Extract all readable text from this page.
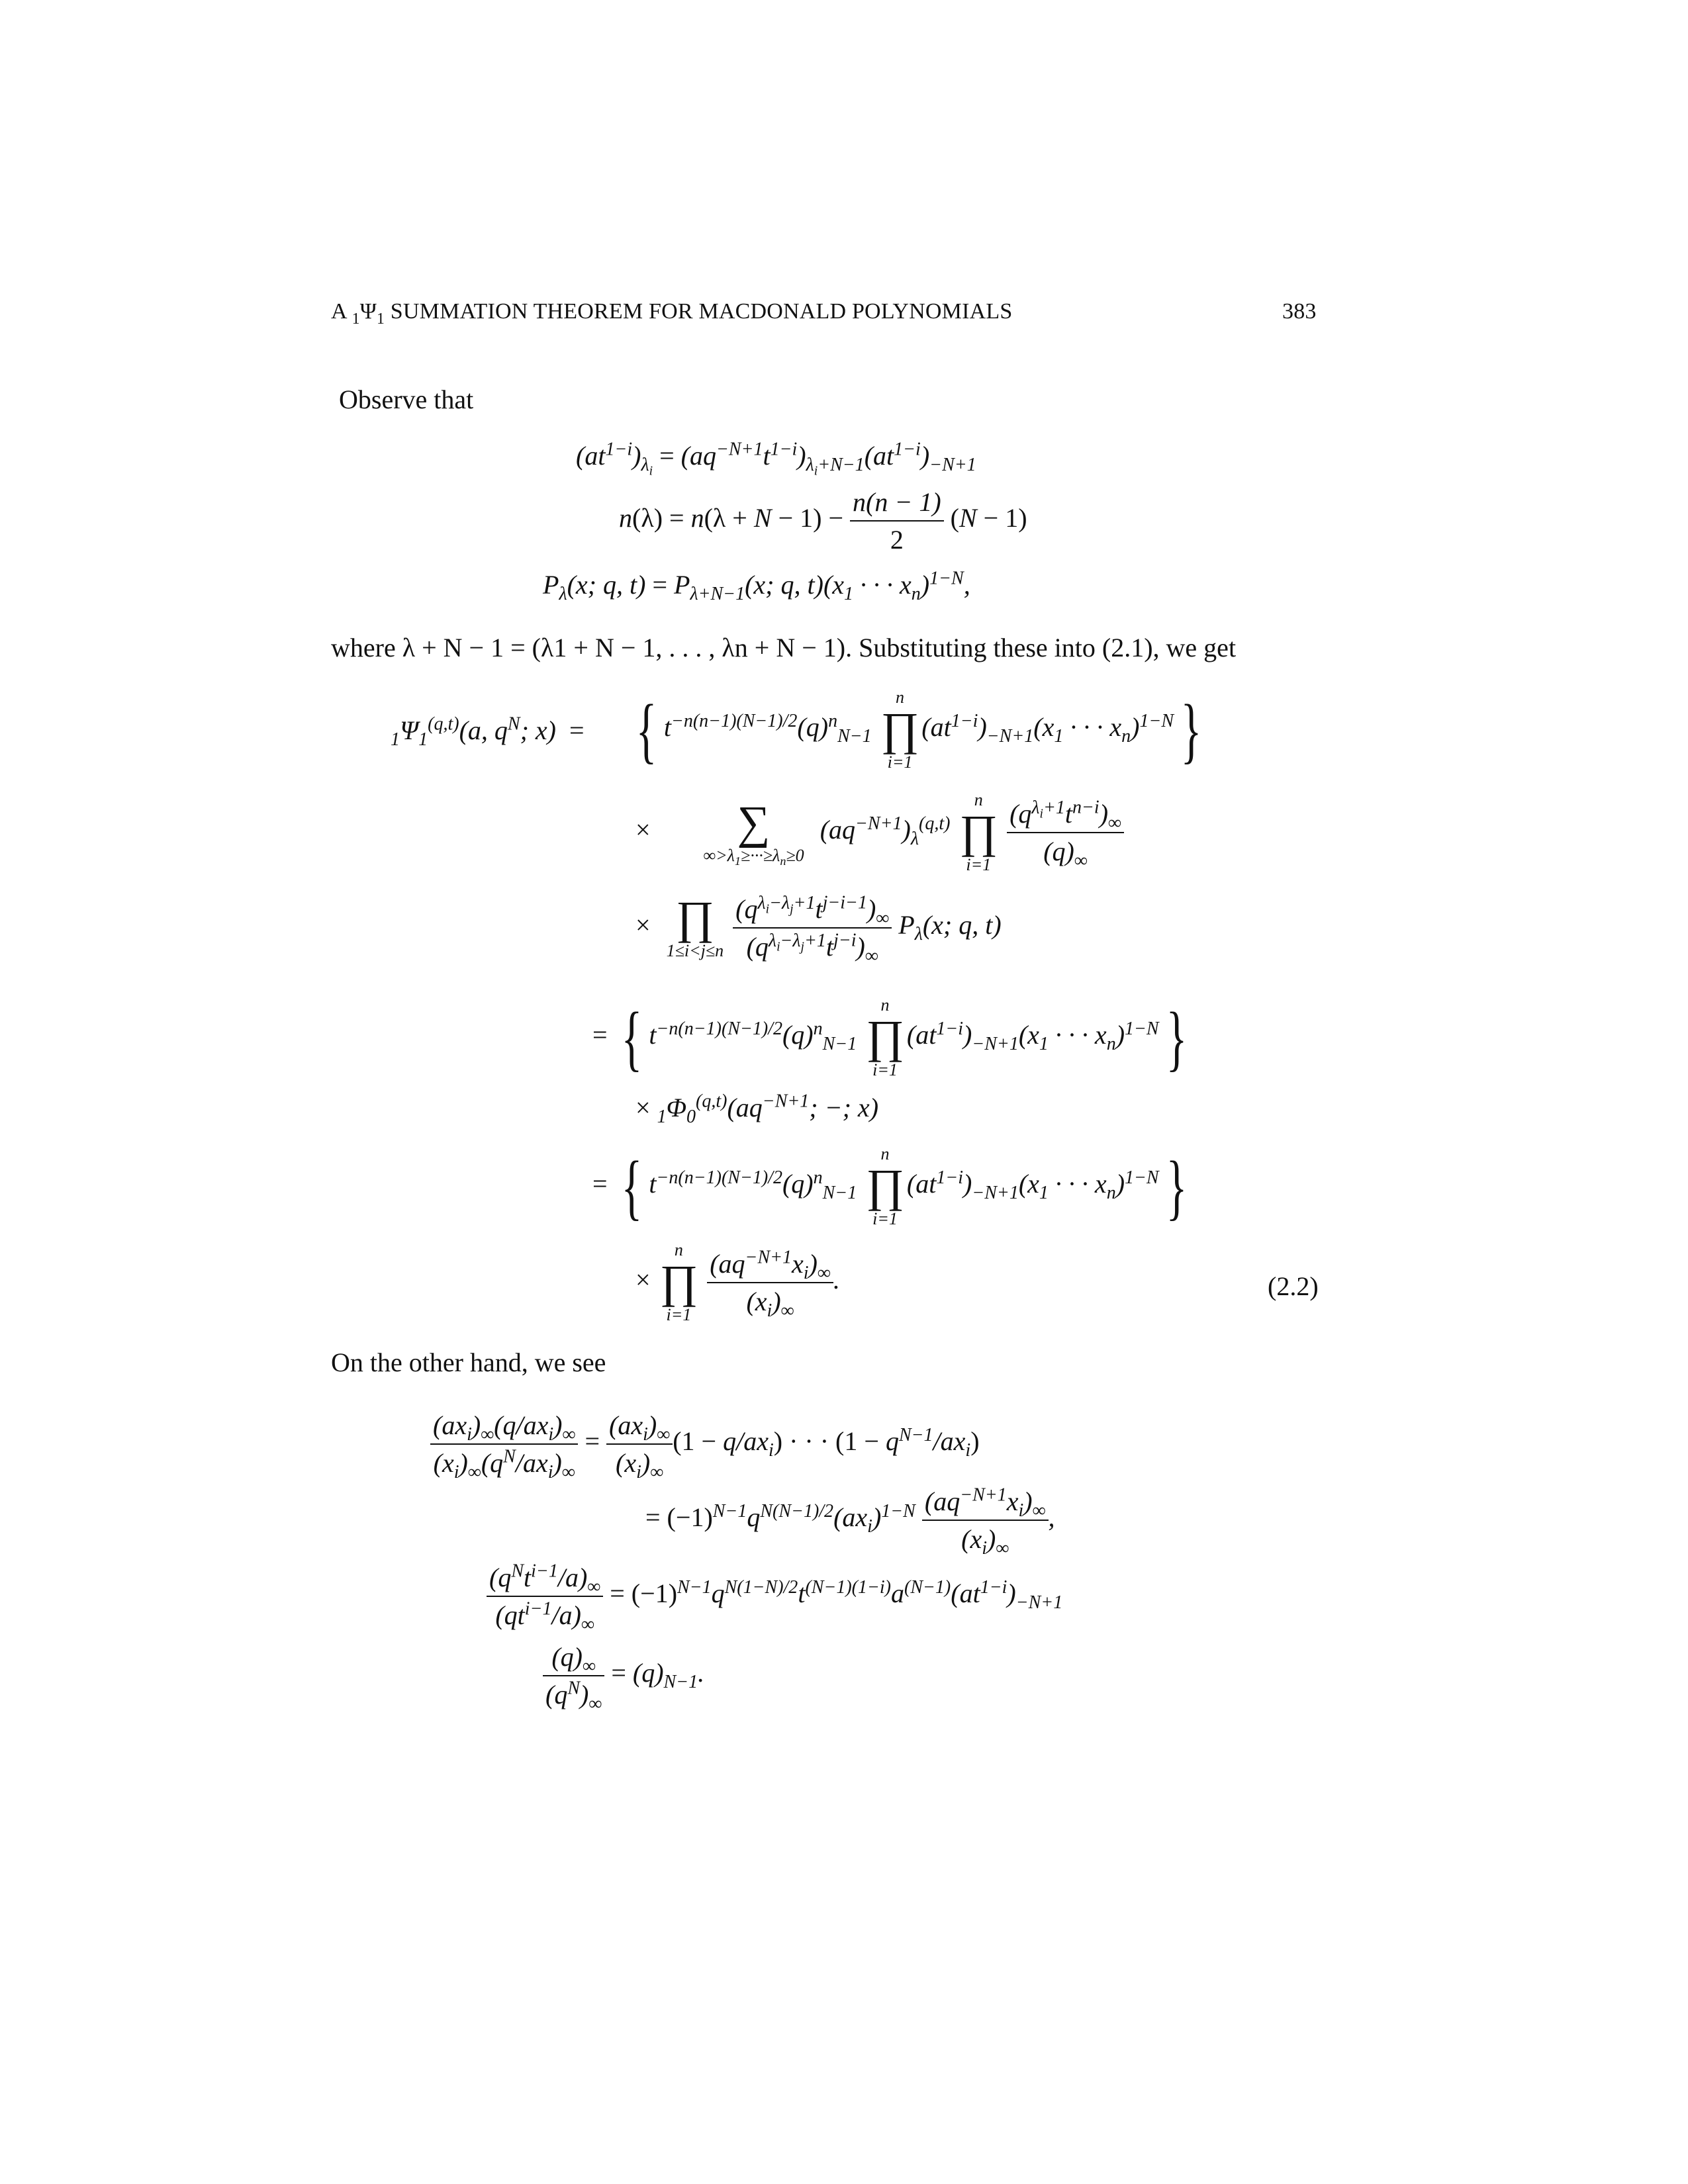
A $_1\Psi_1$ SUMMATION THEOREM FOR MACDONALD POLYNOMIALS	383
Observe that
$(at^{1-i})_{\lambda_i} = (aq^{-N+1}t^{1-i})_{\lambda_i+N-1}(at^{1-i})_{-N+1}$
$n(\lambda) = n(\lambda + N - 1) - \frac{n(n - 1)}{2} (N - 1)$
$P_\lambda(x$; q, $t) = P_{\lambda+N-1}(x$; q, $t)(x_1$ · · · $x_n)^{1-N}$,
where λ + N − 1 = (λ1 + N − 1, . . . , λn + N − 1). Substituting these into (2.1), we get
$_1\Psi_1^{(q,t)}(a$, $q^N$; x)  = { $t^{-n(n-1)(N-1)/2}(q)^n_{N-1}$
n
∏
i=1
$(at^{1-i})_{-N+1}(x_1$ · · · $x_n)^{1-N}$}
×	∑
$\infty>\lambda_1\ge\cdot\cdot\cdot\ge\lambda_n\ge 0$
$(aq^{-N+1})_\lambda^{(q,t)}$
n
∏
i=1
$\frac{(q^{\lambda_i+1}t^{n-i})_\infty}{(q)_\infty}$
× ∏
1≤i<j≤n
$\frac{(q^{\lambda_i-\lambda_j+1}t^{j-i-1})_\infty}{(q^{\lambda_i-\lambda_j+1}t^{j-i})_\infty} P_\lambda(x$; q, t)
= { $t^{-n(n-1)(N-1)/2}(q)^n_{N-1}$
n
∏
i=1
$(at^{1-i})_{-N+1}(x_1$ · · · $x_n)^{1-N}$}
× $_1\Phi_0^{(q,t)}(aq^{-N+1}$; −; x)
= { $t^{-n(n-1)(N-1)/2}(q)^n_{N-1}$
n
∏
i=1
$(at^{1-i})_{-N+1}(x_1$ · · · $x_n)^{1-N}$}
×
n
∏
i=1
$\frac{(aq^{-N+1}x_i)_\infty}{(x_i)_\infty}$ .	(2.2)
On the other hand, we see
$\frac{(ax_i)_\infty(q/ax_i)_\infty}{(x_i)_\infty(q^N/ax_i)_\infty} = \frac{(ax_i)_\infty}{(x_i)_\infty} (1 - q/ax_i)$ · · · $(1 - q^{N-1}/ax_i)$
= $(-1)^{N-1}q^{N(N-1)/2}(ax_i)^{1-N} \frac{(aq^{-N+1}x_i)_\infty}{(x_i)_\infty}$ ,
$\frac{(q^Nt^{i-1}/a)_\infty}{(qt^{i-1}/a)_\infty} = (-1)^{N-1}q^{N(1-N)/2}t^{(N-1)(1-i)}a^{(N-1)}(at^{1-i})_{-N+1}$
$\frac{(q)_\infty}{(q^N)_\infty} = (q)_{N-1}$.
